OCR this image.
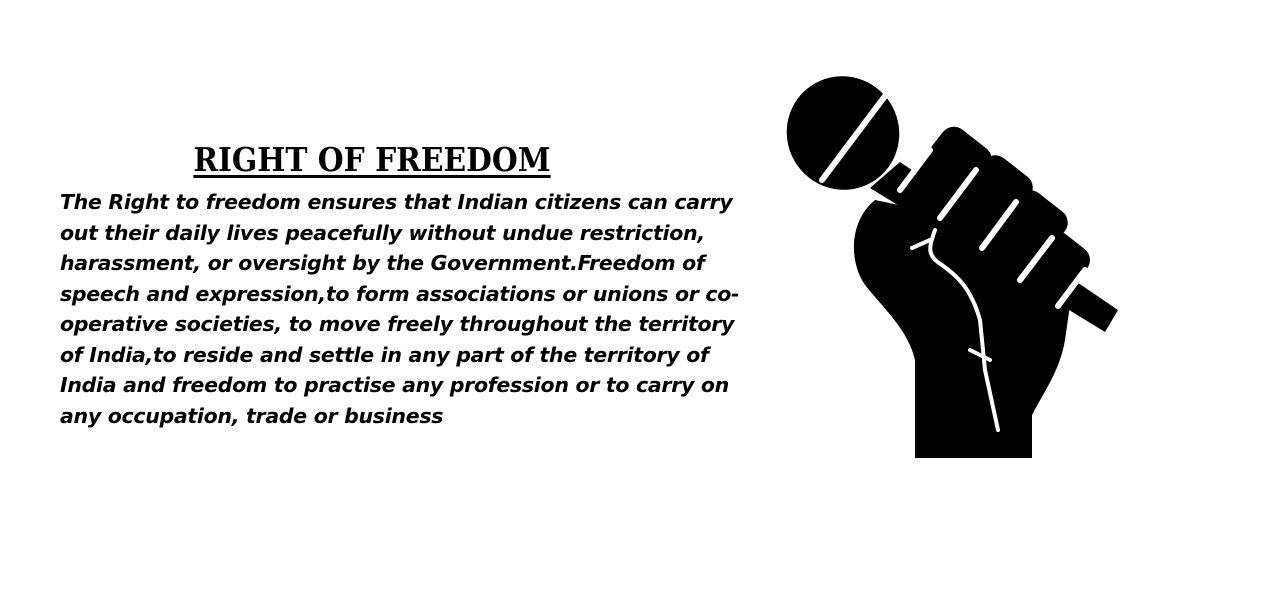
RIGHT OF FREEDOM

The Right to freedom ensures that Indian citizens can carry out their daily lives peacefully without undue restriction, harassment, or oversight by the Government.Freedom of speech and expression,to form associations or unions or co-operative societies, to move freely throughout the territory of India,to reside and settle in any part of the territory of India and freedom to practise any profession or to carry on any occupation, trade or business
